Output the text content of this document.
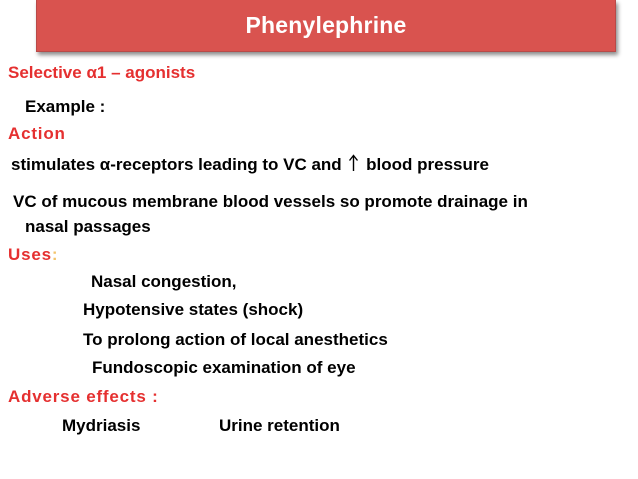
Phenylephrine
Selective α1 – agonists
Example :
Action
stimulates α-receptors leading to VC and blood pressure
VC of mucous membrane blood vessels so promote drainage in
nasal passages
Uses:
Nasal congestion,
Hypotensive states (shock)
To prolong action of local anesthetics
Fundoscopic examination of eye
Adverse effects :
Mydriasis	Urine retention
